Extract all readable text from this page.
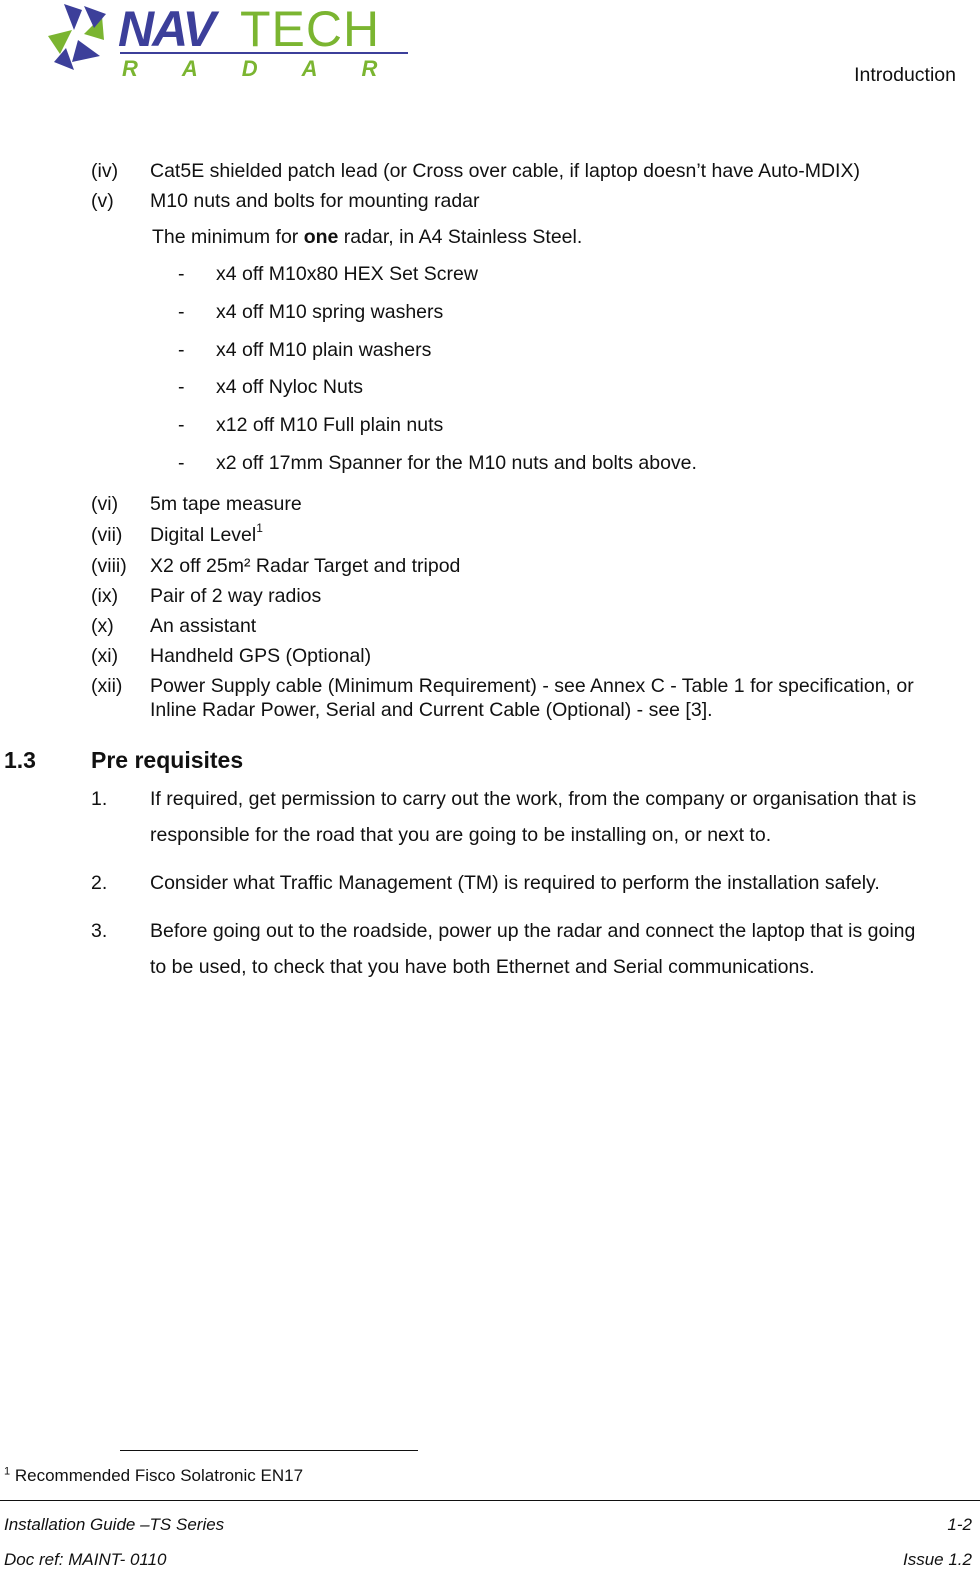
NAV TECH
RADAR	Introduction
(iv) Cat5E shielded patch lead (or Cross over cable, if laptop doesn’t have Auto-MDIX)
(v) M10 nuts and bolts for mounting radar
The minimum for one radar, in A4 Stainless Steel.
- x4 off M10x80 HEX Set Screw
- x4 off M10 spring washers
- x4 off M10 plain washers
- x4 off Nyloc Nuts
- x12 off M10 Full plain nuts
- x2 off 17mm Spanner for the M10 nuts and bolts above.
(vi) 5m tape measure
(vii) Digital Level$^1$
(viii) X2 off 25m² Radar Target and tripod
(ix) Pair of 2 way radios
(x) An assistant
(xi) Handheld GPS (Optional)
(xii) Power Supply cable (Minimum Requirement) - see Annex C - Table 1 for specification, or
Inline Radar Power, Serial and Current Cable (Optional) - see [3].
1.3 Pre requisites
1. If required, get permission to carry out the work, from the company or organisation that is
responsible for the road that you are going to be installing on, or next to.
2. Consider what Traffic Management (TM) is required to perform the installation safely.
3. Before going out to the roadside, power up the radar and connect the laptop that is going
to be used, to check that you have both Ethernet and Serial communications.
$^1$ Recommended Fisco Solatronic EN17
Installation Guide –TS Series	1-2
Doc ref: MAINT- 0110	Issue 1.2
